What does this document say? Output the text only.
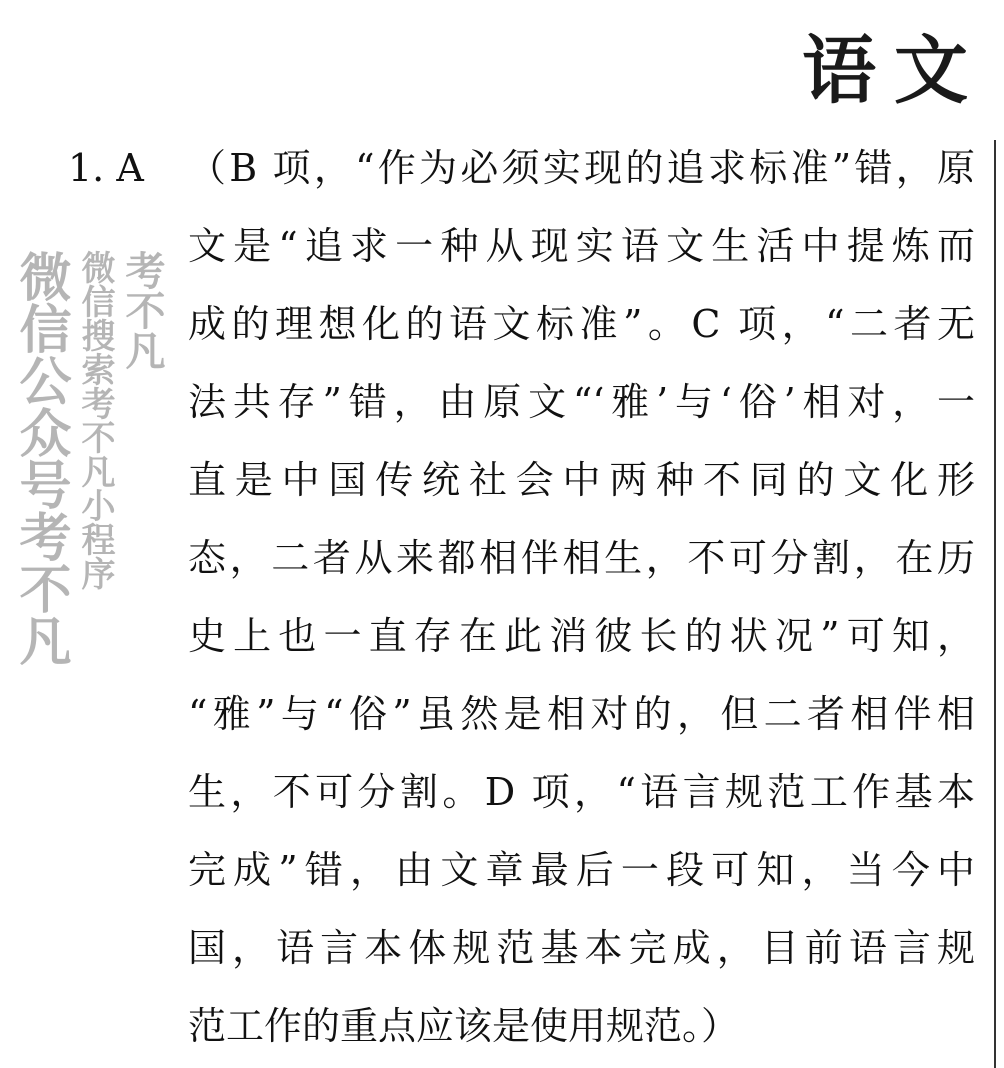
语文
1. A （B 项，“作为必须实现的追求标准”错，原
文是“追求一种从现实语文生活中提炼而
成的理想化的语文标准”。C 项，“二者无
法共存”错，由原文“‘雅’与‘俗’相对，一
直是中国传统社会中两种不同的文化形
态，二者从来都相伴相生，不可分割，在历
史上也一直存在此消彼长的状况”可知，
“雅”与“俗”虽然是相对的，但二者相伴相
生，不可分割。D 项，“语言规范工作基本
完成”错，由文章最后一段可知，当今中
国，语言本体规范基本完成，目前语言规
范工作的重点应该是使用规范。）
考不凡
微信搜索考不凡小程序
微信公众号考不凡
